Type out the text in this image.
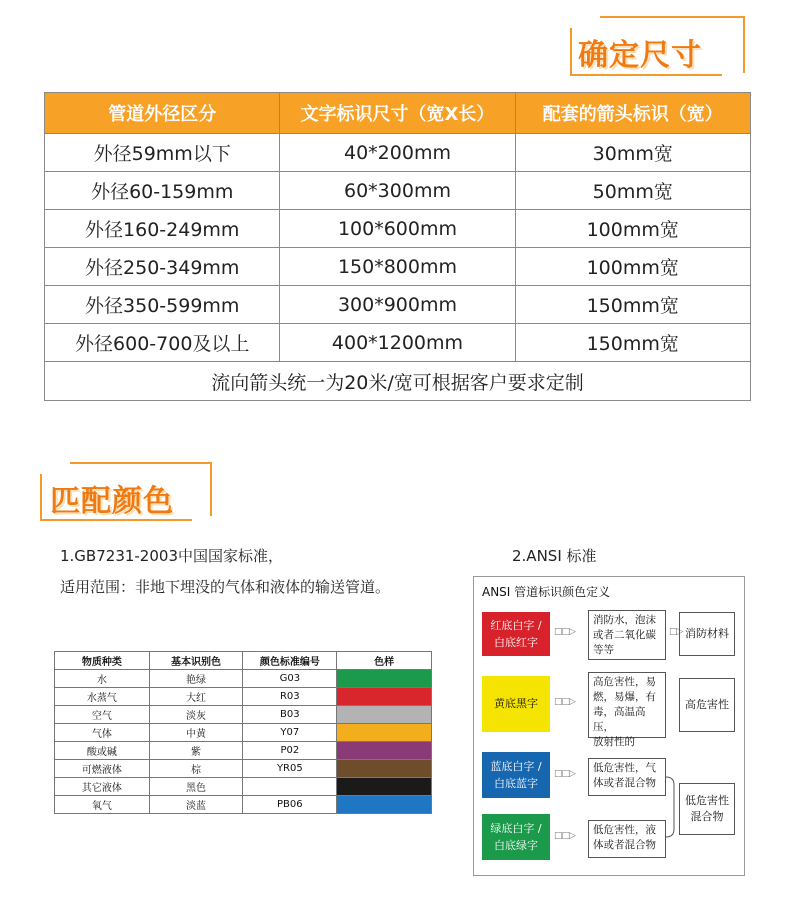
确定尺寸
管道外径区分	文字标识尺寸（宽X长）	配套的箭头标识（宽）
外径59mm以下	40*200mm	30mm宽
外径60-159mm	60*300mm	50mm宽
外径160-249mm	100*600mm	100mm宽
外径250-349mm	150*800mm	100mm宽
外径350-599mm	300*900mm	150mm宽
外径600-700及以上	400*1200mm	150mm宽
流向箭头统一为20米/宽可根据客户要求定制		
匹配颜色
1.GB7231-2003中国国家标准，
适用范围：非地下埋没的气体和液体的输送管道。
物质种类	基本识别色	颜色标准编号	色样
水	艳绿	G03	
水蒸气	大红	R03	
空气	淡灰	B03	
气体	中黄	Y07	
酸或碱	紫	P02	
可燃液体	棕	YR05	
其它液体	黑色		
氧气	淡蓝	PB06	
2.ANSI 标准
ANSI 管道标识颜色定义
红底白字 /
白底红字
□□▷
消防水，泡沫
或者二氧化碳
等等
□▷ 消防材料
黄底黑字	□□▷
高危害性，易
燃，易爆，有
毒，高温高压，
放射性的
高危害性
蓝底白字 /
白底蓝字
□□▷ 低危害性，气
体或者混合物
绿底白字 /
白底绿字
□□▷ 低危害性，液
体或者混合物
低危害性
混合物
